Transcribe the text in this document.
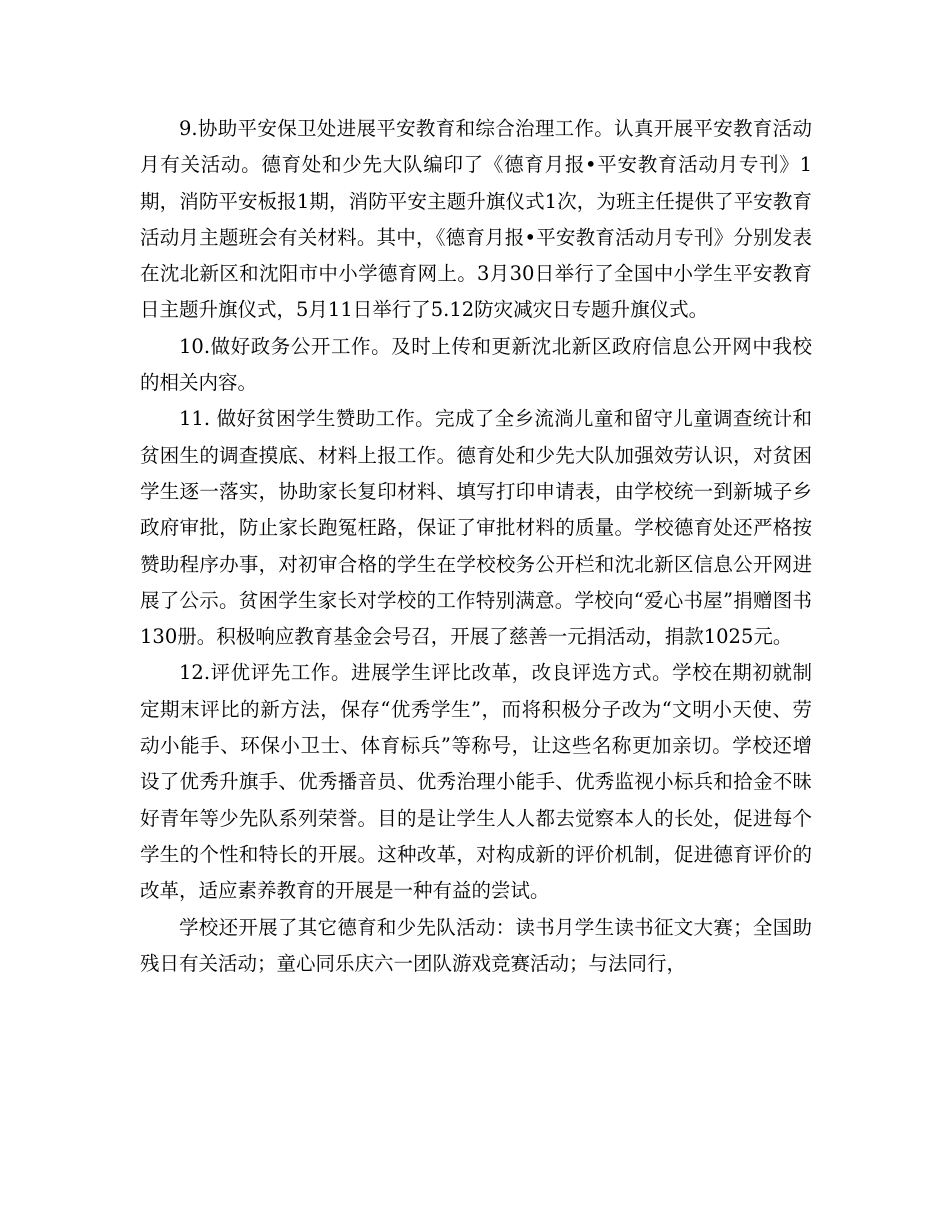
9.协助平安保卫处进展平安教育和综合治理工作。认真开展平安教育活动月有关活动。德育处和少先大队编印了《德育月报•平安教育活动月专刊》1期，消防平安板报1期，消防平安主题升旗仪式1次，为班主任提供了平安教育活动月主题班会有关材料。其中，《德育月报•平安教育活动月专刊》分别发表在沈北新区和沈阳市中小学德育网上。3月30日举行了全国中小学生平安教育日主题升旗仪式，5月11日举行了5.12防灾减灾日专题升旗仪式。

10.做好政务公开工作。及时上传和更新沈北新区政府信息公开网中我校的相关内容。

11. 做好贫困学生赞助工作。完成了全乡流淌儿童和留守儿童调查统计和贫困生的调查摸底、材料上报工作。德育处和少先大队加强效劳认识，对贫困学生逐一落实，协助家长复印材料、填写打印申请表，由学校统一到新城子乡政府审批，防止家长跑冤枉路，保证了审批材料的质量。学校德育处还严格按赞助程序办事，对初审合格的学生在学校校务公开栏和沈北新区信息公开网进展了公示。贫困学生家长对学校的工作特别满意。学校向“爱心书屋”捐赠图书130册。积极响应教育基金会号召，开展了慈善一元捐活动，捐款1025元。

12.评优评先工作。进展学生评比改革，改良评选方式。学校在期初就制定期末评比的新方法，保存“优秀学生”，而将积极分子改为“文明小天使、劳动小能手、环保小卫士、体育标兵”等称号，让这些名称更加亲切。学校还增设了优秀升旗手、优秀播音员、优秀治理小能手、优秀监视小标兵和拾金不昧好青年等少先队系列荣誉。目的是让学生人人都去觉察本人的长处，促进每个学生的个性和特长的开展。这种改革，对构成新的评价机制，促进德育评价的改革，适应素养教育的开展是一种有益的尝试。

学校还开展了其它德育和少先队活动：读书月学生读书征文大赛；全国助残日有关活动；童心同乐庆六一团队游戏竞赛活动；与法同行，
